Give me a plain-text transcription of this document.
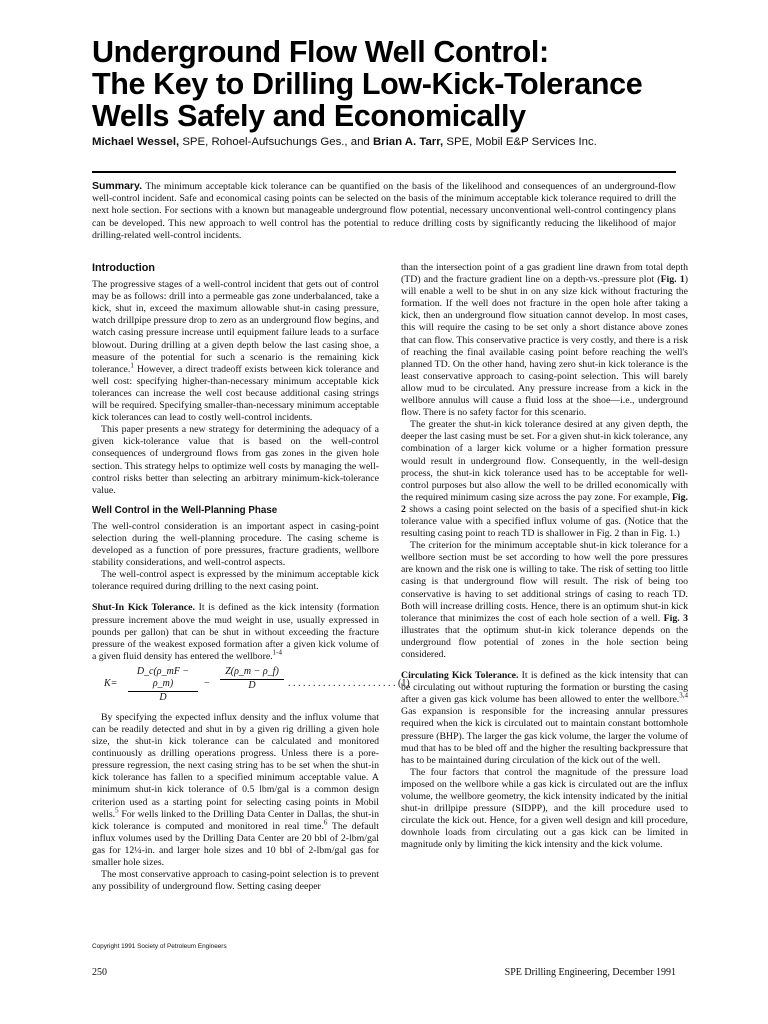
Underground Flow Well Control:
The Key to Drilling Low-Kick-Tolerance
Wells Safely and Economically
Michael Wessel, SPE, Rohoel-Aufsuchungs Ges., and Brian A. Tarr, SPE, Mobil E&P Services Inc.
Summary. The minimum acceptable kick tolerance can be quantified on the basis of the likelihood and consequences of an underground-flow well-control incident. Safe and economical casing points can be selected on the basis of the minimum acceptable kick tolerance required to drill the next hole section. For sections with a known but manageable underground flow potential, necessary unconventional well-control contingency plans can be developed. This new approach to well control has the potential to reduce drilling costs by significantly reducing the likelihood of major drilling-related well-control incidents.
Introduction

The progressive stages of a well-control incident that gets out of control may be as follows: drill into a permeable gas zone underbalanced, take a kick, shut in, exceed the maximum allowable shut-in casing pressure, watch drillpipe pressure drop to zero as an underground flow begins, and watch casing pressure increase until equipment failure leads to a surface blowout. During drilling at a given depth below the last casing shoe, a measure of the potential for such a scenario is the remaining kick tolerance.$^1$ However, a direct tradeoff exists between kick tolerance and well cost: specifying higher-than-necessary minimum acceptable kick tolerances can increase the well cost because additional casing strings will be required. Specifying smaller-than-necessary minimum acceptable kick tolerances can lead to costly well-control incidents.

This paper presents a new strategy for determining the adequacy of a given kick-tolerance value that is based on the well-control consequences of underground flows from gas zones in the given hole section. This strategy helps to optimize well costs by managing the well-control risks better than selecting an arbitrary minimum-kick-tolerance value.

Well Control in the Well-Planning Phase

The well-control consideration is an important aspect in casing-point selection during the well-planning procedure. The casing scheme is developed as a function of pore pressures, fracture gradients, wellbore stability considerations, and well-control aspects.

The well-control aspect is expressed by the minimum acceptable kick tolerance required during drilling to the next casing point.

Shut-In Kick Tolerance. It is defined as the kick intensity (formation pressure increment above the mud weight in use, usually expressed in pounds per gallon) that can be shut in without exceeding the fracture pressure of the weakest exposed formation after a given kick volume of a given fluid density has entered the wellbore.$^{1-4}$

$K= \frac{D\_c(\rho\_mF - \rho\_m)}{D} - \frac{Z(\rho\_m - \rho\_f)}{D}$ . . . . . . . . . . . . . . . . . . . . . . (1)

By specifying the expected influx density and the influx volume that can be readily detected and shut in by a given rig drilling a given hole size, the shut-in kick tolerance can be calculated and monitored continuously as drilling operations progress. Unless there is a pore-pressure regression, the next casing string has to be set when the shut-in kick tolerance has fallen to a specified minimum acceptable value. A minimum shut-in kick tolerance of 0.5 lbm/gal is a common design criterion used as a starting point for selecting casing points in Mobil wells.$^5$ For wells linked to the Drilling Data Center in Dallas, the shut-in kick tolerance is computed and monitored in real time.$^6$ The default influx volumes used by the Drilling Data Center are 20 bbl of 2-lbm/gal gas for 12¼-in. and larger hole sizes and 10 bbl of 2-lbm/gal gas for smaller hole sizes.

The most conservative approach to casing-point selection is to prevent any possibility of underground flow. Setting casing deeper

than the intersection point of a gas gradient line drawn from total depth (TD) and the fracture gradient line on a depth-vs.-pressure plot (Fig. 1) will enable a well to be shut in on any size kick without fracturing the formation. If the well does not fracture in the open hole after taking a kick, then an underground flow situation cannot develop. In most cases, this will require the casing to be set only a short distance above zones that can flow. This conservative practice is very costly, and there is a risk of reaching the final available casing point before reaching the well's planned TD. On the other hand, having zero shut-in kick tolerance is the least conservative approach to casing-point selection. This will barely allow mud to be circulated. Any pressure increase from a kick in the wellbore annulus will cause a fluid loss at the shoe—i.e., underground flow. There is no safety factor for this scenario.

The greater the shut-in kick tolerance desired at any given depth, the deeper the last casing must be set. For a given shut-in kick tolerance, any combination of a larger kick volume or a higher formation pressure would result in underground flow. Consequently, in the well-design process, the shut-in kick tolerance used has to be acceptable for well-control purposes but also allow the well to be drilled economically with the required minimum casing size across the pay zone. For example, Fig. 2 shows a casing point selected on the basis of a specified shut-in kick tolerance value with a specified influx volume of gas. (Notice that the resulting casing point to reach TD is shallower in Fig. 2 than in Fig. 1.)

The criterion for the minimum acceptable shut-in kick tolerance for a wellbore section must be set according to how well the pore pressures are known and the risk one is willing to take. The risk of setting too little casing is that underground flow will result. The risk of being too conservative is having to set additional strings of casing to reach TD. Both will increase drilling costs. Hence, there is an optimum shut-in kick tolerance that minimizes the cost of each hole section of a well. Fig. 3 illustrates that the optimum shut-in kick tolerance depends on the underground flow potential of zones in the hole section being considered.

Circulating Kick Tolerance. It is defined as the kick intensity that can be circulating out without rupturing the formation or bursting the casing after a given gas kick volume has been allowed to enter the wellbore.$^{3,4}$ Gas expansion is responsible for the increasing annular pressures required when the kick is circulated out to maintain constant bottomhole pressure (BHP). The larger the gas kick volume, the larger the volume of mud that has to be bled off and the higher the resulting backpressure that has to be maintained during circulation of the kick out of the well.

The four factors that control the magnitude of the pressure load imposed on the wellbore while a gas kick is circulated out are the influx volume, the wellbore geometry, the kick intensity indicated by the initial shut-in drillpipe pressure (SIDPP), and the kill procedure used to circulate the kick out. Hence, for a given well design and kill procedure, downhole loads from circulating out a gas kick can be limited in magnitude only by limiting the kick intensity and the kick volume.

Copyright 1991 Society of Petroleum Engineers
250	SPE Drilling Engineering, December 1991
